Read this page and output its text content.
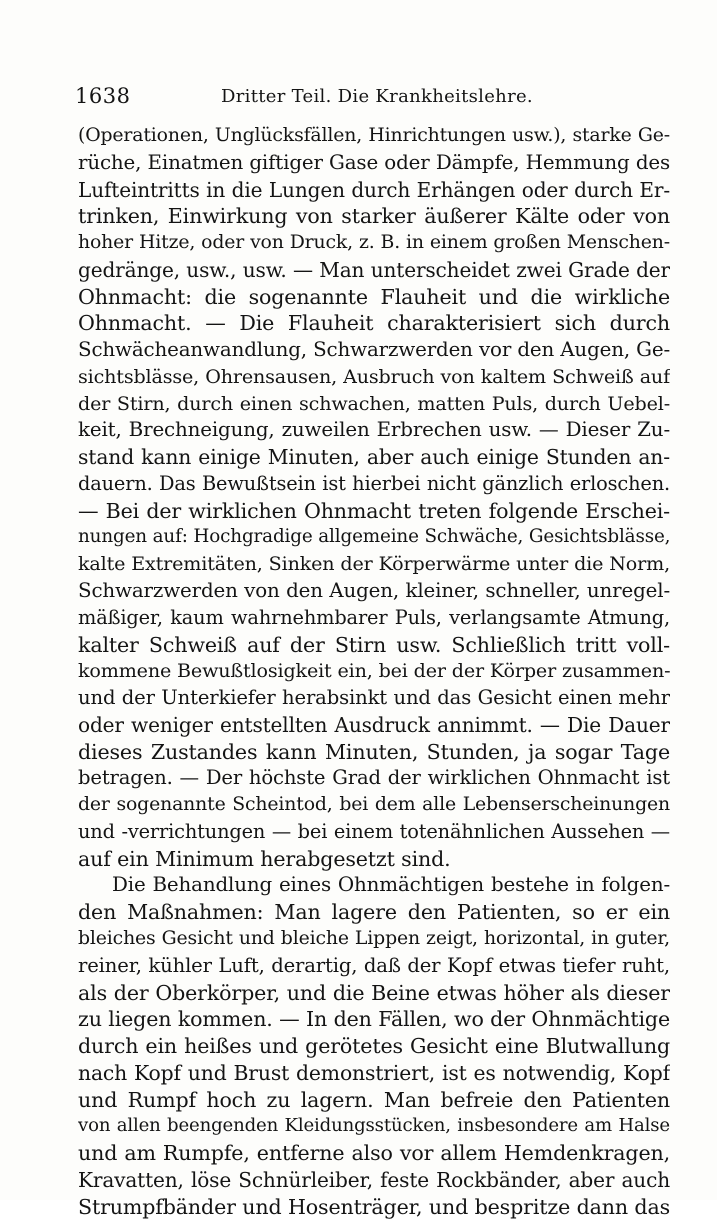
1638	Dritter Teil. Die Krankheitslehre.
(Operationen, Unglücksfällen, Hinrichtungen usw.), starke Ge-
rüche, Einatmen giftiger Gase oder Dämpfe, Hemmung des
Lufteintritts in die Lungen durch Erhängen oder durch Er-
trinken, Einwirkung von starker äußerer Kälte oder von
hoher Hitze, oder von Druck, z. B. in einem großen Menschen-
gedränge, usw., usw. — Man unterscheidet zwei Grade der
Ohnmacht: die sogenannte Flauheit und die wirkliche
Ohnmacht. — Die Flauheit charakterisiert sich durch
Schwächeanwandlung, Schwarzwerden vor den Augen, Ge-
sichtsblässe, Ohrensausen, Ausbruch von kaltem Schweiß auf
der Stirn, durch einen schwachen, matten Puls, durch Uebel-
keit, Brechneigung, zuweilen Erbrechen usw. — Dieser Zu-
stand kann einige Minuten, aber auch einige Stunden an-
dauern. Das Bewußtsein ist hierbei nicht gänzlich erloschen.
— Bei der wirklichen Ohnmacht treten folgende Erschei-
nungen auf: Hochgradige allgemeine Schwäche, Gesichtsblässe,
kalte Extremitäten, Sinken der Körperwärme unter die Norm,
Schwarzwerden von den Augen, kleiner, schneller, unregel-
mäßiger, kaum wahrnehmbarer Puls, verlangsamte Atmung,
kalter Schweiß auf der Stirn usw. Schließlich tritt voll-
kommene Bewußtlosigkeit ein, bei der der Körper zusammen-
und der Unterkiefer herabsinkt und das Gesicht einen mehr
oder weniger entstellten Ausdruck annimmt. — Die Dauer
dieses Zustandes kann Minuten, Stunden, ja sogar Tage
betragen. — Der höchste Grad der wirklichen Ohnmacht ist
der sogenannte Scheintod, bei dem alle Lebenserscheinungen
und -verrichtungen — bei einem totenähnlichen Aussehen —
auf ein Minimum herabgesetzt sind.
Die Behandlung eines Ohnmächtigen bestehe in folgen-
den Maßnahmen: Man lagere den Patienten, so er ein
bleiches Gesicht und bleiche Lippen zeigt, horizontal, in guter,
reiner, kühler Luft, derartig, daß der Kopf etwas tiefer ruht,
als der Oberkörper, und die Beine etwas höher als dieser
zu liegen kommen. — In den Fällen, wo der Ohnmächtige
durch ein heißes und gerötetes Gesicht eine Blutwallung
nach Kopf und Brust demonstriert, ist es notwendig, Kopf
und Rumpf hoch zu lagern. Man befreie den Patienten
von allen beengenden Kleidungsstücken, insbesondere am Halse
und am Rumpfe, entferne also vor allem Hemdenkragen,
Kravatten, löse Schnürleiber, feste Rockbänder, aber auch
Strumpfbänder und Hosenträger, und bespritze dann das
